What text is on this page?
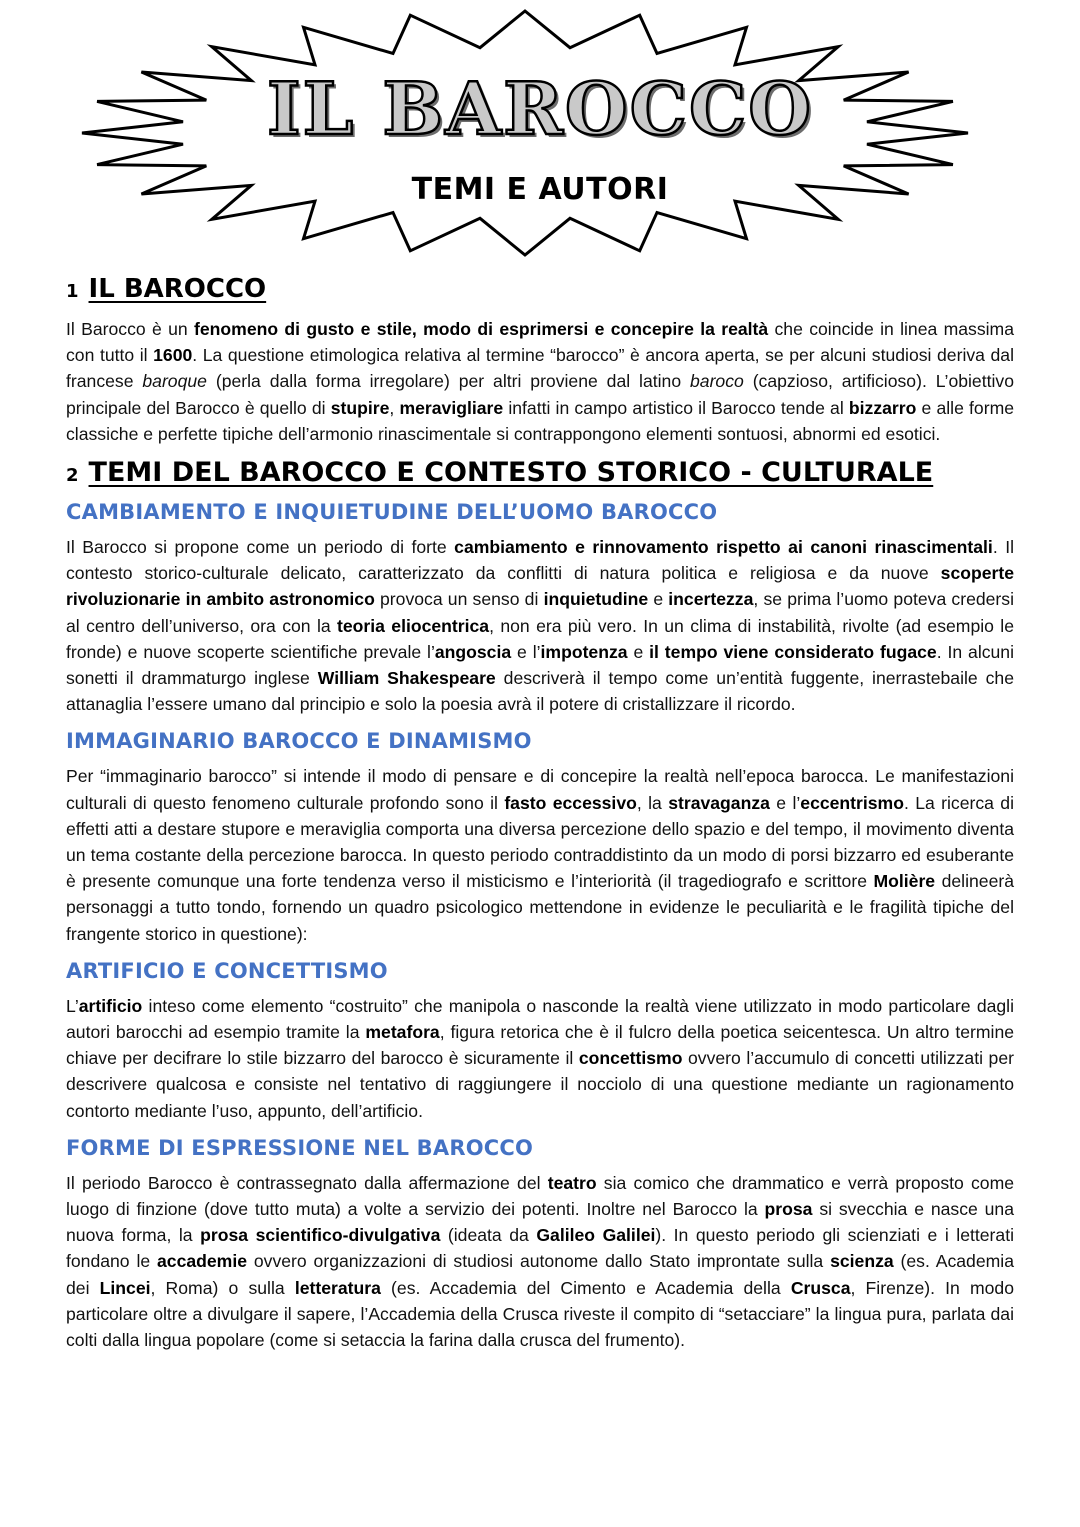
IL BAROCCO
TEMI E AUTORI
1 IL BAROCCO

Il Barocco è un fenomeno di gusto e stile, modo di esprimersi e concepire la realtà che coincide in linea massima con tutto il 1600. La questione etimologica relativa al termine “barocco” è ancora aperta, se per alcuni studiosi deriva dal francese baroque (perla dalla forma irregolare) per altri proviene dal latino baroco (capzioso, artificioso). L’obiettivo principale del Barocco è quello di stupire, meravigliare infatti in campo artistico il Barocco tende al bizzarro e alle forme classiche e perfette tipiche dell’armonio rinascimentale si contrappongono elementi sontuosi, abnormi ed esotici.

2 TEMI DEL BAROCCO E CONTESTO STORICO - CULTURALE
CAMBIAMENTO E INQUIETUDINE DELL’UOMO BAROCCO

Il Barocco si propone come un periodo di forte cambiamento e rinnovamento rispetto ai canoni rinascimentali. Il contesto storico-culturale delicato, caratterizzato da conflitti di natura politica e religiosa e da nuove scoperte rivoluzionarie in ambito astronomico provoca un senso di inquietudine e incertezza, se prima l’uomo poteva credersi al centro dell’universo, ora con la teoria eliocentrica, non era più vero. In un clima di instabilità, rivolte (ad esempio le fronde) e nuove scoperte scientifiche prevale l’angoscia e l’impotenza e il tempo viene considerato fugace. In alcuni sonetti il drammaturgo inglese William Shakespeare descriverà il tempo come un’entità fuggente, inerrastebaile che attanaglia l’essere umano dal principio e solo la poesia avrà il potere di cristallizzare il ricordo.

IMMAGINARIO BAROCCO E DINAMISMO

Per “immaginario barocco” si intende il modo di pensare e di concepire la realtà nell’epoca barocca. Le manifestazioni culturali di questo fenomeno culturale profondo sono il fasto eccessivo, la stravaganza e l’eccentrismo. La ricerca di effetti atti a destare stupore e meraviglia comporta una diversa percezione dello spazio e del tempo, il movimento diventa un tema costante della percezione barocca. In questo periodo contraddistinto da un modo di porsi bizzarro ed esuberante è presente comunque una forte tendenza verso il misticismo e l’interiorità (il tragediografo e scrittore Molière delineerà personaggi a tutto tondo, fornendo un quadro psicologico mettendone in evidenze le peculiarità e le fragilità tipiche del frangente storico in questione):

ARTIFICIO E CONCETTISMO

L’artificio inteso come elemento “costruito” che manipola o nasconde la realtà viene utilizzato in modo particolare dagli autori barocchi ad esempio tramite la metafora, figura retorica che è il fulcro della poetica seicentesca. Un altro termine chiave per decifrare lo stile bizzarro del barocco è sicuramente il concettismo ovvero l’accumulo di concetti utilizzati per descrivere qualcosa e consiste nel tentativo di raggiungere il nocciolo di una questione mediante un ragionamento contorto mediante l’uso, appunto, dell’artificio.

FORME DI ESPRESSIONE NEL BAROCCO

Il periodo Barocco è contrassegnato dalla affermazione del teatro sia comico che drammatico e verrà proposto come luogo di finzione (dove tutto muta) a volte a servizio dei potenti. Inoltre nel Barocco la prosa si svecchia e nasce una nuova forma, la prosa scientifico-divulgativa (ideata da Galileo Galilei). In questo periodo gli scienziati e i letterati fondano le accademie ovvero organizzazioni di studiosi autonome dallo Stato improntate sulla scienza (es. Academia dei Lincei, Roma) o sulla letteratura (es. Accademia del Cimento e Academia della Crusca, Firenze). In modo particolare oltre a divulgare il sapere, l’Accademia della Crusca riveste il compito di “setacciare” la lingua pura, parlata dai colti dalla lingua popolare (come si setaccia la farina dalla crusca del frumento).
